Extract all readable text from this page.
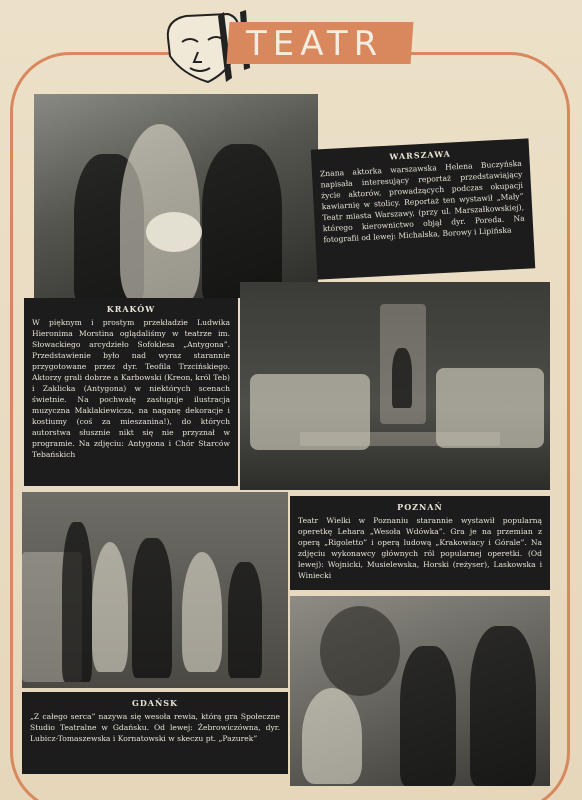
TEATR
WARSZAWA
Znana aktorka warszawska Helena Buczyńska napisała interesujący reportaż przedstawiający życie aktorów, prowadzących podczas okupacji kawiarnię w stolicy. Reportaż ten wystawił „Mały” Teatr miasta Warszawy, (przy ul. Marszałkowskiej), którego kierownictwo objął dyr. Poreda. Na fotografii od lewej: Michalska, Borowy i Lipińska
KRAKÓW
W pięknym i prostym przekładzie Ludwika Hieronima Morstina oglądaliśmy w teatrze im. Słowackiego arcydzieło Sofoklesa „Antygona”. Przedstawienie było nad wyraz starannie przygotowane przez dyr. Teofila Trzcińskiego. Aktorzy grali dobrze a Karbowski (Kreon, król Teb) i Zaklicka (Antygona) w niektórych scenach świetnie. Na pochwałę zasługuje ilustracja muzyczna Maklakiewicza, na naganę dekoracje i kostiumy (coś za mieszanina!), do których autorstwa słusznie nikt się nie przyznał w programie. Na zdjęciu: Antygona i Chór Starców Tebańskich
GDAŃSK
„Z całego serca” nazywa się wesoła rewia, którą gra Społeczne Studio Teatralne w Gdańsku. Od lewej: Żebrowiczówna, dyr. Lubicz-Tomaszewska i Kornatowski w skeczu pt. „Pazurek”
POZNAŃ
Teatr Wielki w Poznaniu starannie wystawił popularną operetkę Lehara „Wesoła Wdówka”. Gra je na przemian z operą „Rigoletto” i operą ludową „Krakowiacy i Górale”. Na zdjęciu wykonawcy głównych ról popularnej operetki. (Od lewej): Wojnicki, Musielewska, Horski (reżyser), Laskowska i Winiecki
